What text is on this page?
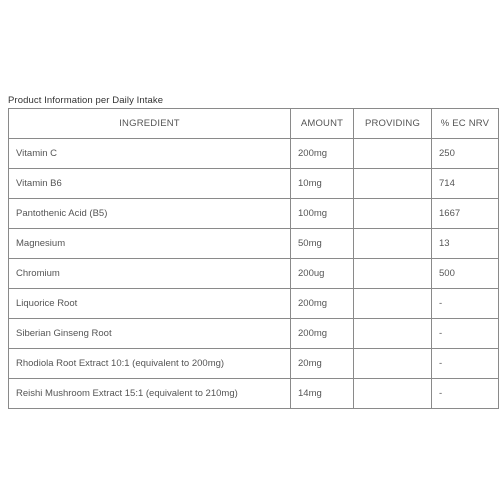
Product Information per Daily Intake
INGREDIENT	AMOUNT	PROVIDING	% EC NRV
Vitamin C	200mg		250
Vitamin B6	10mg		714
Pantothenic Acid (B5)	100mg		1667
Magnesium	50mg		13
Chromium	200ug		500
Liquorice Root	200mg		-
Siberian Ginseng Root	200mg		-
Rhodiola Root Extract 10:1 (equivalent to 200mg)	20mg		-
Reishi Mushroom Extract 15:1 (equivalent to 210mg)	14mg		-
